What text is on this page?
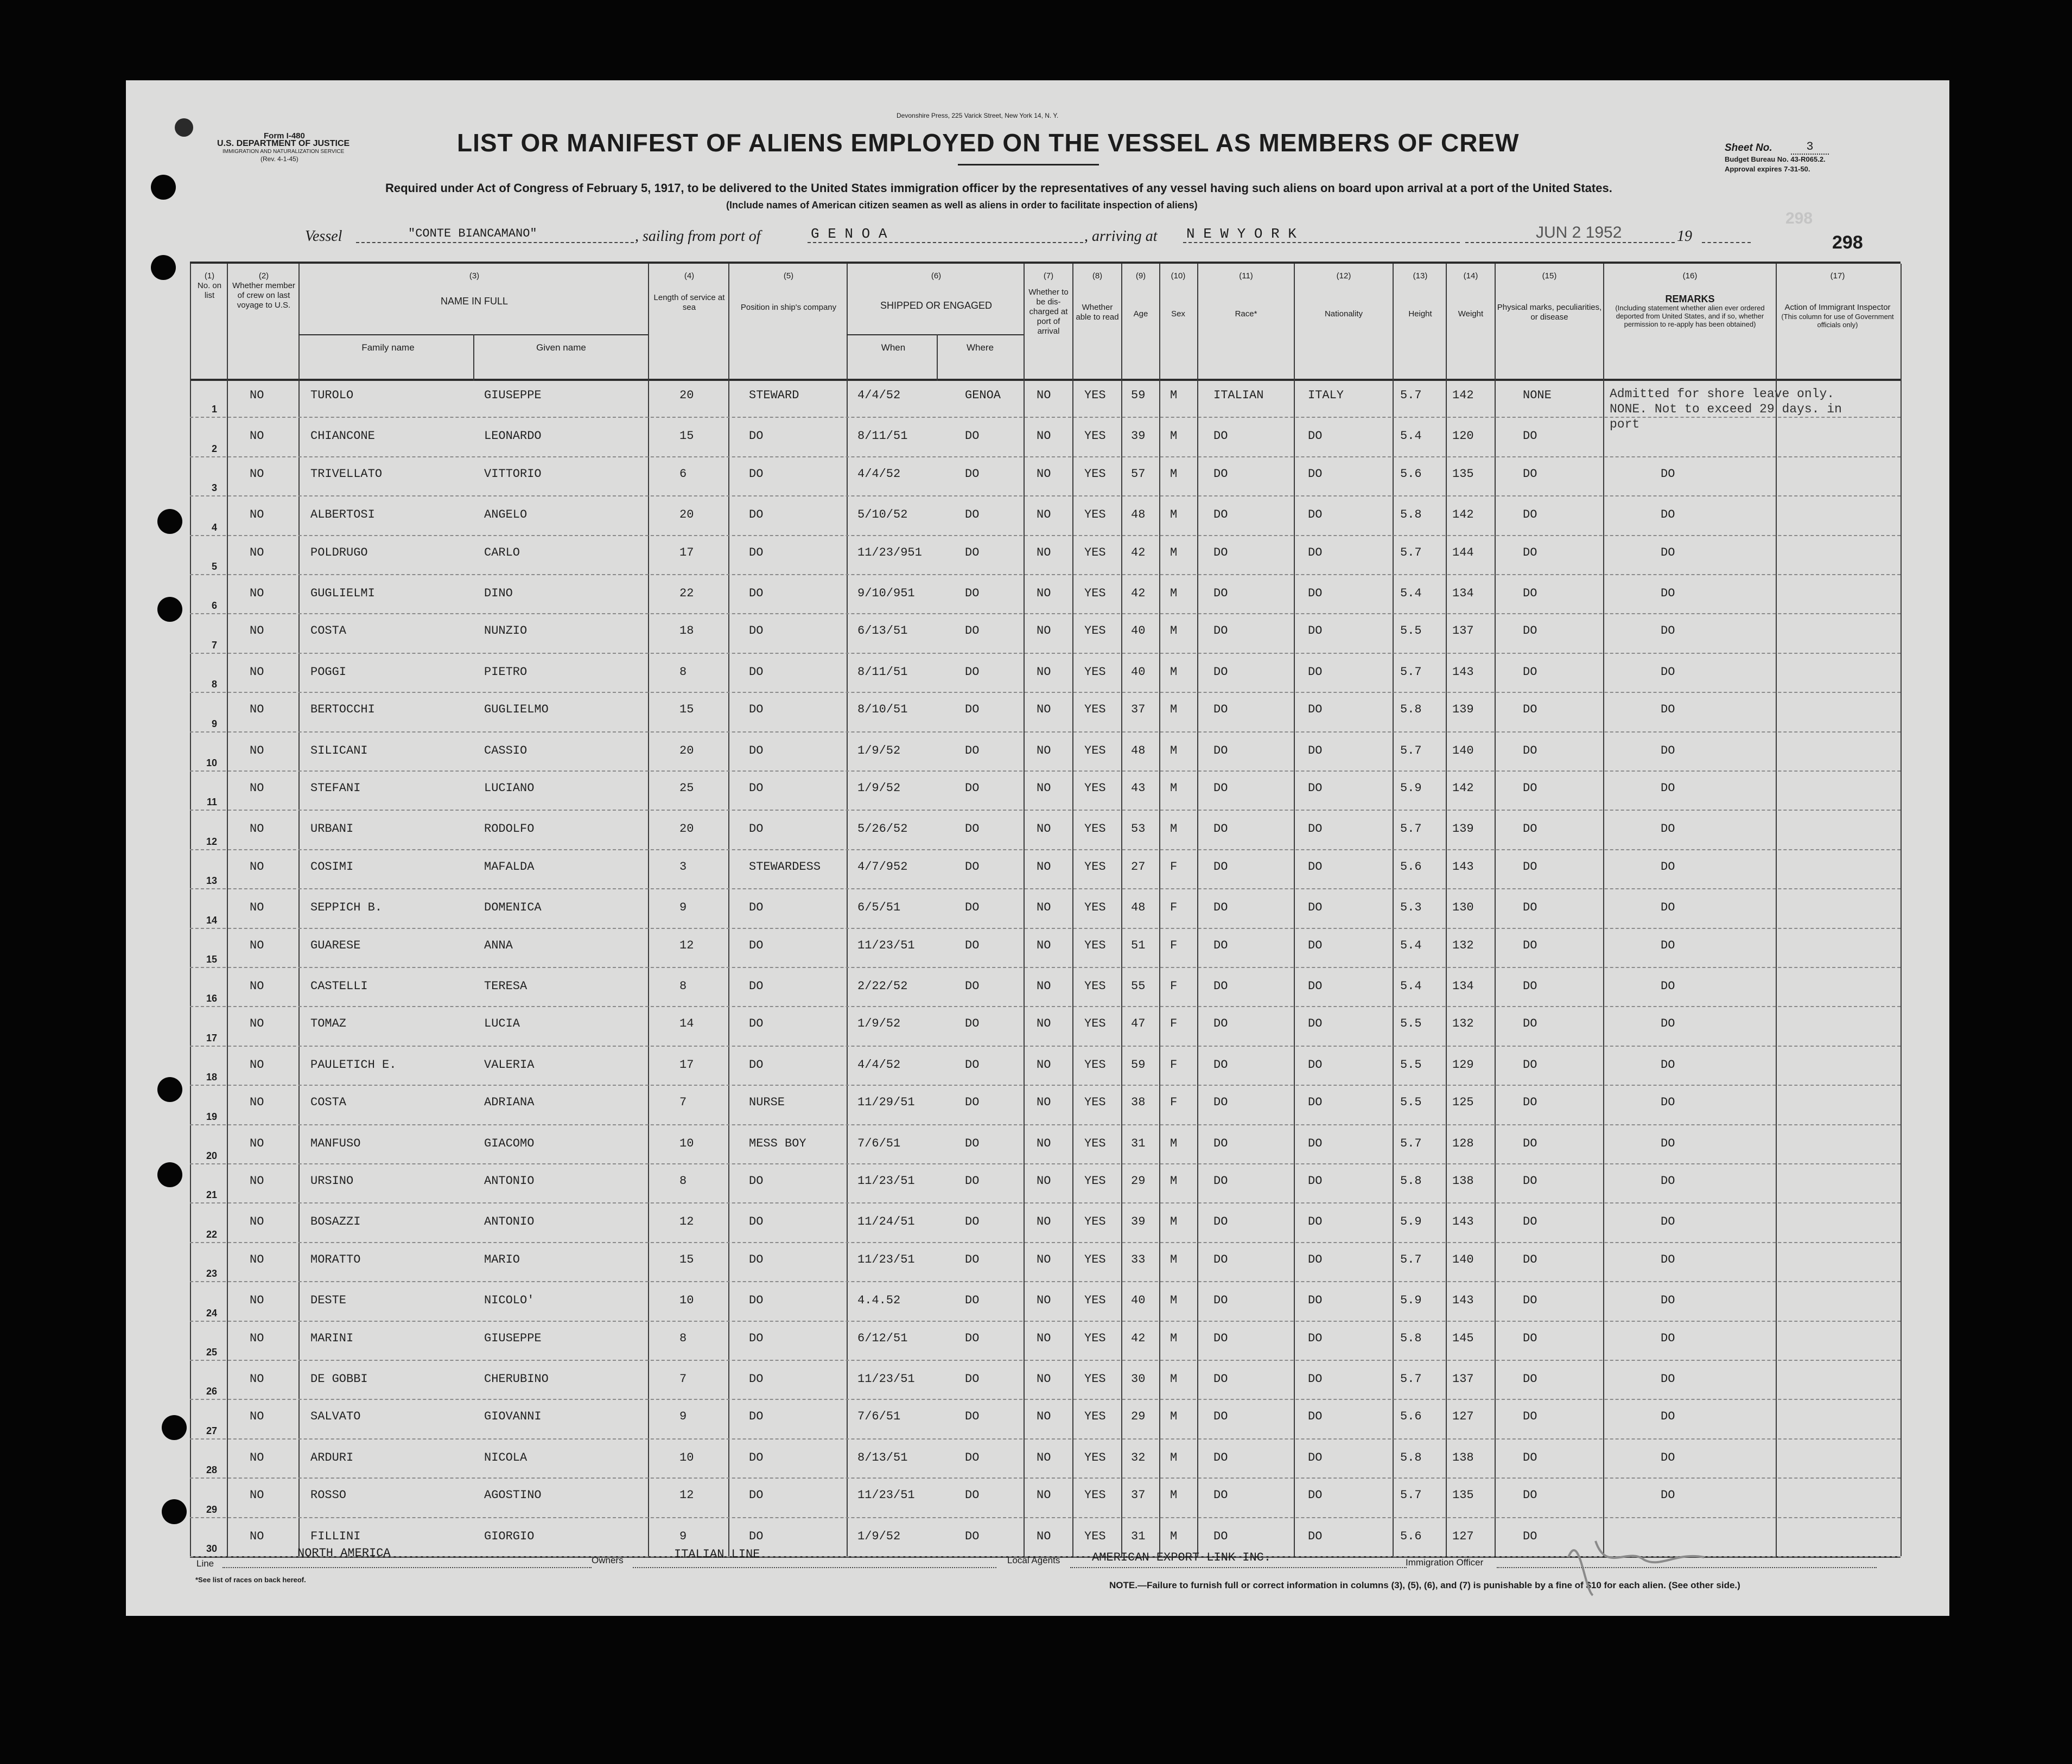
Form I-480
U.S. DEPARTMENT OF JUSTICE
IMMIGRATION AND NATURALIZATION SERVICE
(Rev. 4-1-45)
Devonshire Press, 225 Varick Street, New York 14, N. Y.
LIST OR MANIFEST OF ALIENS EMPLOYED ON THE VESSEL AS MEMBERS OF CREW
Required under Act of Congress of February 5, 1917, to be delivered to the United States immigration officer by the representatives of any vessel having such aliens on board upon arrival at a port of the United States.
(Include names of American citizen seamen as well as aliens in order to facilitate inspection of aliens)
Sheet No.	3
Budget Bureau No. 43-R065.2.
Approval expires 7-31-50.
298
298
Vessel	"CONTE BIANCAMANO"	, sailing from port of	G E N O A	, arriving at N E W Y O R K	JUN 2 1952	19
(1)
No. on list
(2)
Whether member of crew on last voyage to U.S.
(3)
NAME IN FULL
Family name	Given name
(4)
Length of service at sea
(5)
Position in ship's company
(6)
SHIPPED OR ENGAGED
When	Where
(7)
Whether to be dis- charged at port of arrival
(8)
Whether able to read
(9)
Age
(10)
Sex
(11)
Race*
(12)
Nationality
(13)
Height
(14)
Weight
(15)
Physical marks, peculiarities, or disease
(16)
REMARKS
(Including statement whether alien ever ordered deported from United States, and if so, whether permission to re-apply has been obtained)
(17)
Action of Immigrant Inspector
(This column for use of Government officials only)
Admitted for shore leave only. NONE. Not to exceed 29 days. in port
1
NO	TUROLO	GIUSEPPE	20	STEWARD	4/4/52	GENOA	NO	YES 59 M	ITALIAN	ITALY	5.7	142	NONE
2
NO	CHIANCONE	LEONARDO	15	DO	8/11/51	DO	NO	YES 39 M	DO	DO	5.4	120	DO
3
NO	TRIVELLATO	VITTORIO	6	DO	4/4/52	DO	NO	YES 57 M	DO	DO	5.6	135	DO	DO
4
NO	ALBERTOSI	ANGELO	20	DO	5/10/52	DO	NO	YES 48 M	DO	DO	5.8	142	DO	DO
5
NO	POLDRUGO	CARLO	17	DO	11/23/951	DO	NO	YES 42 M	DO	DO	5.7	144	DO	DO
6
NO	GUGLIELMI	DINO	22	DO	9/10/951	DO	NO	YES 42 M	DO	DO	5.4	134	DO	DO
7
NO	COSTA	NUNZIO	18	DO	6/13/51	DO	NO	YES 40 M	DO	DO	5.5	137	DO	DO
8
NO	POGGI	PIETRO	8	DO	8/11/51	DO	NO	YES 40 M	DO	DO	5.7	143	DO	DO
9
NO	BERTOCCHI	GUGLIELMO	15	DO	8/10/51	DO	NO	YES 37 M	DO	DO	5.8	139	DO	DO
10
NO	SILICANI	CASSIO	20	DO	1/9/52	DO	NO	YES 48 M	DO	DO	5.7	140	DO	DO
11
NO	STEFANI	LUCIANO	25	DO	1/9/52	DO	NO	YES 43 M	DO	DO	5.9	142	DO	DO
12
NO	URBANI	RODOLFO	20	DO	5/26/52	DO	NO	YES 53 M	DO	DO	5.7	139	DO	DO
13
NO	COSIMI	MAFALDA	3	STEWARDESS	4/7/952	DO	NO	YES 27 F	DO	DO	5.6	143	DO	DO
14
NO	SEPPICH B.	DOMENICA	9	DO	6/5/51	DO	NO	YES 48 F	DO	DO	5.3	130	DO	DO
15
NO	GUARESE	ANNA	12	DO	11/23/51	DO	NO	YES 51 F	DO	DO	5.4	132	DO	DO
16
NO	CASTELLI	TERESA	8	DO	2/22/52	DO	NO	YES 55 F	DO	DO	5.4	134	DO	DO
17
NO	TOMAZ	LUCIA	14	DO	1/9/52	DO	NO	YES 47 F	DO	DO	5.5	132	DO	DO
18
NO	PAULETICH E.	VALERIA	17	DO	4/4/52	DO	NO	YES 59 F	DO	DO	5.5	129	DO	DO
19
NO	COSTA	ADRIANA	7	NURSE	11/29/51	DO	NO	YES 38 F	DO	DO	5.5	125	DO	DO
20
NO	MANFUSO	GIACOMO	10	MESS BOY	7/6/51	DO	NO	YES 31 M	DO	DO	5.7	128	DO	DO
21
NO	URSINO	ANTONIO	8	DO	11/23/51	DO	NO	YES 29 M	DO	DO	5.8	138	DO	DO
22
NO	BOSAZZI	ANTONIO	12	DO	11/24/51	DO	NO	YES 39 M	DO	DO	5.9	143	DO	DO
23
NO	MORATTO	MARIO	15	DO	11/23/51	DO	NO	YES 33 M	DO	DO	5.7	140	DO	DO
24
NO	DESTE	NICOLO'	10	DO	4.4.52	DO	NO	YES 40 M	DO	DO	5.9	143	DO	DO
25
NO	MARINI	GIUSEPPE	8	DO	6/12/51	DO	NO	YES 42 M	DO	DO	5.8	145	DO	DO
26
NO	DE GOBBI	CHERUBINO	7	DO	11/23/51	DO	NO	YES 30 M	DO	DO	5.7	137	DO	DO
27
NO	SALVATO	GIOVANNI	9	DO	7/6/51	DO	NO	YES 29 M	DO	DO	5.6	127	DO	DO
28
NO	ARDURI	NICOLA	10	DO	8/13/51	DO	NO	YES 32 M	DO	DO	5.8	138	DO	DO
29
NO	ROSSO	AGOSTINO	12	DO	11/23/51	DO	NO	YES 37 M	DO	DO	5.7	135	DO	DO
30
NO	FILLINI	GIORGIO	9	DO	1/9/52	DO	NO	YES 31 M	DO	DO	5.6	127	DO
Line
NORTH AMERICA
Owners	ITALIAN LINE	Local Agents	AMERICAN EXPORT LINK INC.	Immigration Officer
*See list of races on back hereof.
NOTE.—Failure to furnish full or correct information in columns (3), (5), (6), and (7) is punishable by a fine of $10 for each alien. (See other side.)
